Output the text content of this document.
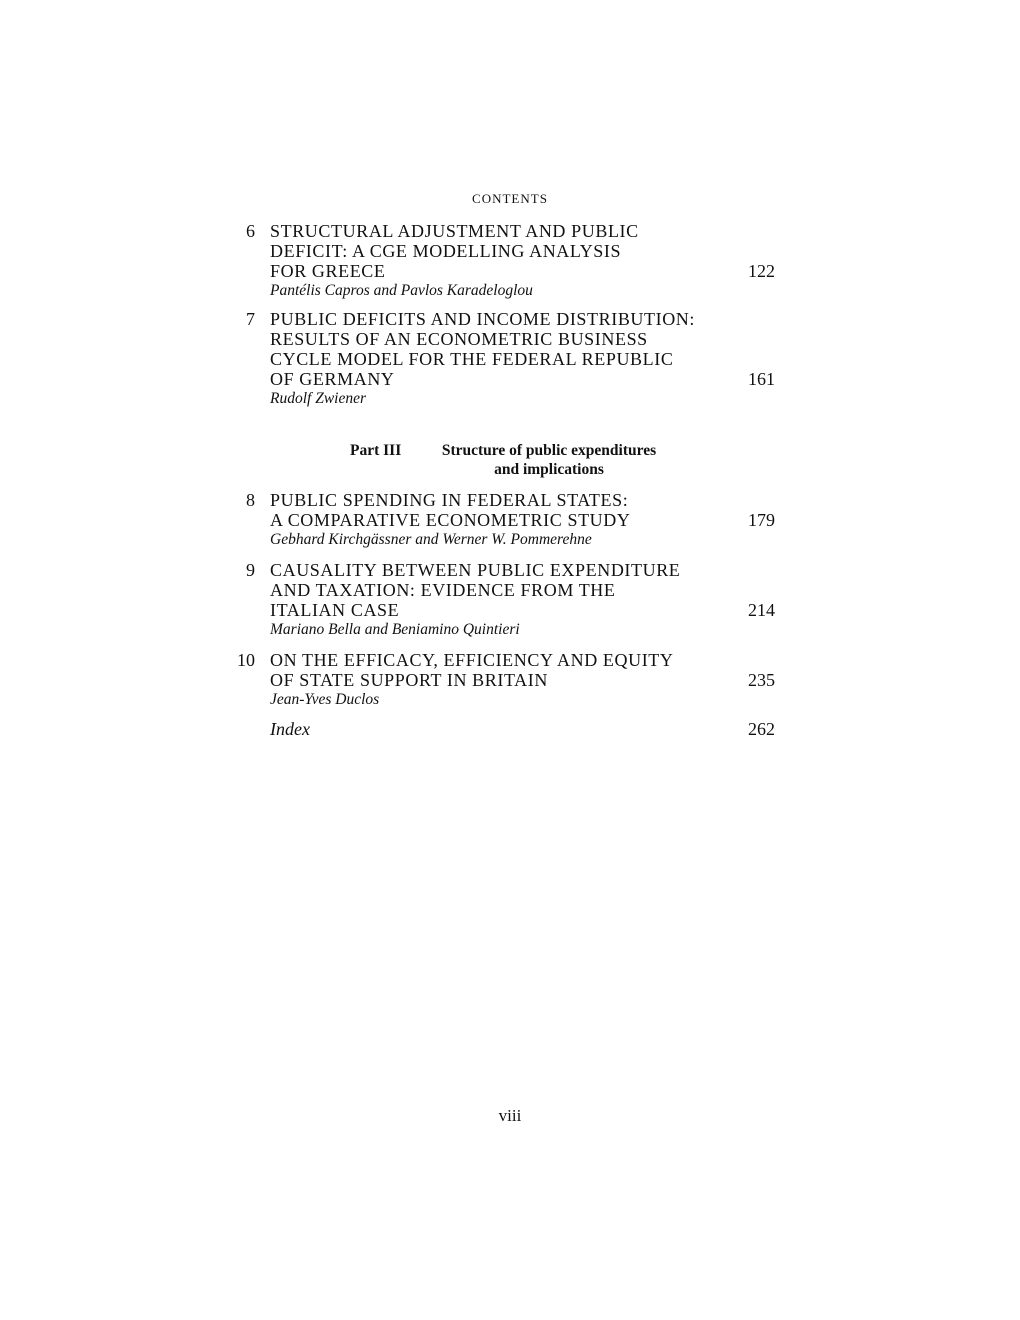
CONTENTS
6 STRUCTURAL ADJUSTMENT AND PUBLIC
DEFICIT: A CGE MODELLING ANALYSIS
FOR GREECE	122
Pantélis Capros and Pavlos Karadeloglou
7 PUBLIC DEFICITS AND INCOME DISTRIBUTION:
RESULTS OF AN ECONOMETRIC BUSINESS
CYCLE MODEL FOR THE FEDERAL REPUBLIC
OF GERMANY	161
Rudolf Zwiener
Part III	Structure of public expenditures
and implications
8 PUBLIC SPENDING IN FEDERAL STATES:
A COMPARATIVE ECONOMETRIC STUDY	179
Gebhard Kirchgässner and Werner W. Pommerehne
9 CAUSALITY BETWEEN PUBLIC EXPENDITURE
AND TAXATION: EVIDENCE FROM THE
ITALIAN CASE	214
Mariano Bella and Beniamino Quintieri
10 ON THE EFFICACY, EFFICIENCY AND EQUITY
OF STATE SUPPORT IN BRITAIN	235
Jean-Yves Duclos
Index	262
viii
